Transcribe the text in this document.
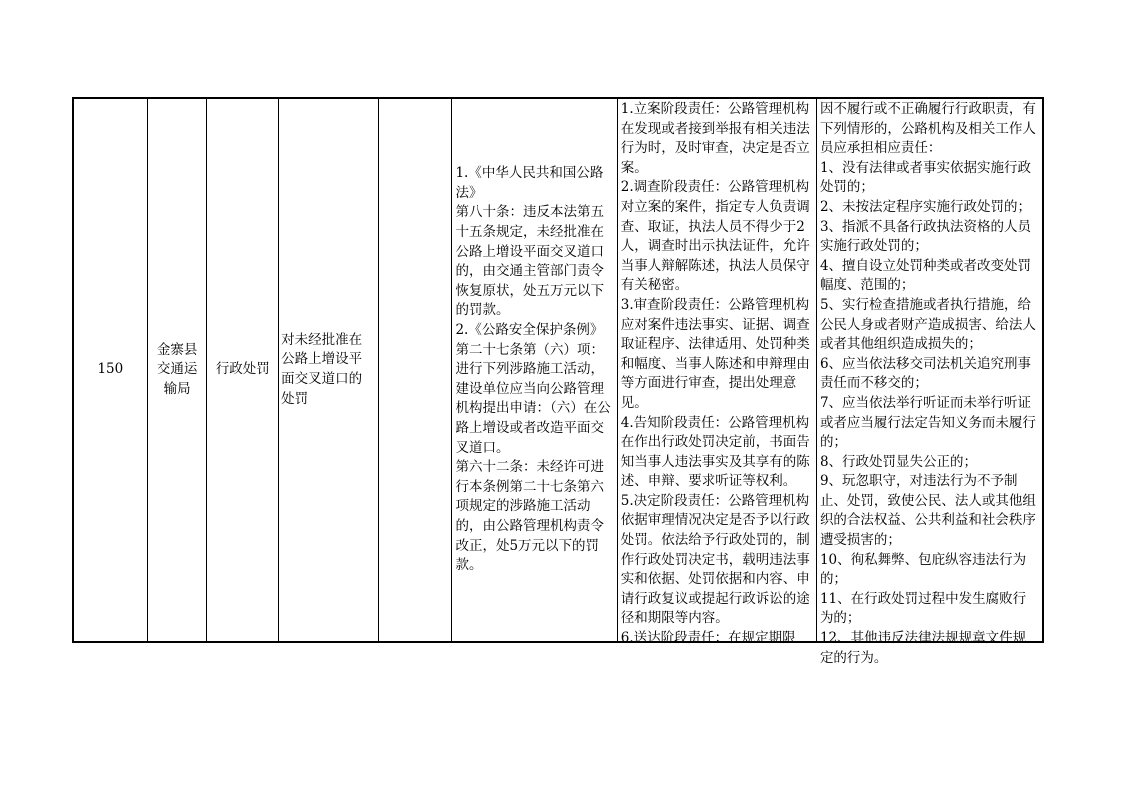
150

金寨县交通运输局

行政处罚

对未经批准在公路上增设平面交叉道口的处罚

1.《中华人民共和国公路法》
第八十条：违反本法第五十五条规定，未经批准在公路上增设平面交叉道口的，由交通主管部门责令恢复原状，处五万元以下的罚款。
2.《公路安全保护条例》第二十七条第（六）项：进行下列涉路施工活动，建设单位应当向公路管理机构提出申请：（六）在公路上增设或者改造平面交叉道口。
第六十二条：未经许可进行本条例第二十七条第六项规定的涉路施工活动的，由公路管理机构责令改正，处5万元以下的罚款。

1.立案阶段责任：公路管理机构在发现或者接到举报有相关违法行为时，及时审查，决定是否立案。
2.调查阶段责任：公路管理机构对立案的案件，指定专人负责调查、取证，执法人员不得少于2人，调查时出示执法证件，允许当事人辩解陈述，执法人员保守有关秘密。
3.审查阶段责任：公路管理机构应对案件违法事实、证据、调查取证程序、法律适用、处罚种类和幅度、当事人陈述和申辩理由等方面进行审查，提出处理意见。
4.告知阶段责任：公路管理机构在作出行政处罚决定前，书面告知当事人违法事实及其享有的陈述、申辩、要求听证等权利。
5.决定阶段责任：公路管理机构依据审理情况决定是否予以行政处罚。依法给予行政处罚的，制作行政处罚决定书，载明违法事实和依据、处罚依据和内容、申请行政复议或提起行政诉讼的途径和期限等内容。
6.送达阶段责任：在规定期限

因不履行或不正确履行行政职责，有下列情形的，公路机构及相关工作人员应承担相应责任：
1、没有法律或者事实依据实施行政处罚的；
2、未按法定程序实施行政处罚的；
3、指派不具备行政执法资格的人员实施行政处罚的；
4、擅自设立处罚种类或者改变处罚幅度、范围的；
5、实行检查措施或者执行措施，给公民人身或者财产造成损害、给法人或者其他组织造成损失的；
6、应当依法移交司法机关追究刑事责任而不移交的；
7、应当依法举行听证而未举行听证或者应当履行法定告知义务而未履行的；
8、行政处罚显失公正的；
9、玩忽职守，对违法行为不予制止、处罚，致使公民、法人或其他组织的合法权益、公共利益和社会秩序遭受损害的；
10、徇私舞弊、包庇纵容违法行为的；
11、在行政处罚过程中发生腐败行为的；
12、其他违反法律法规规章文件规定的行为。
